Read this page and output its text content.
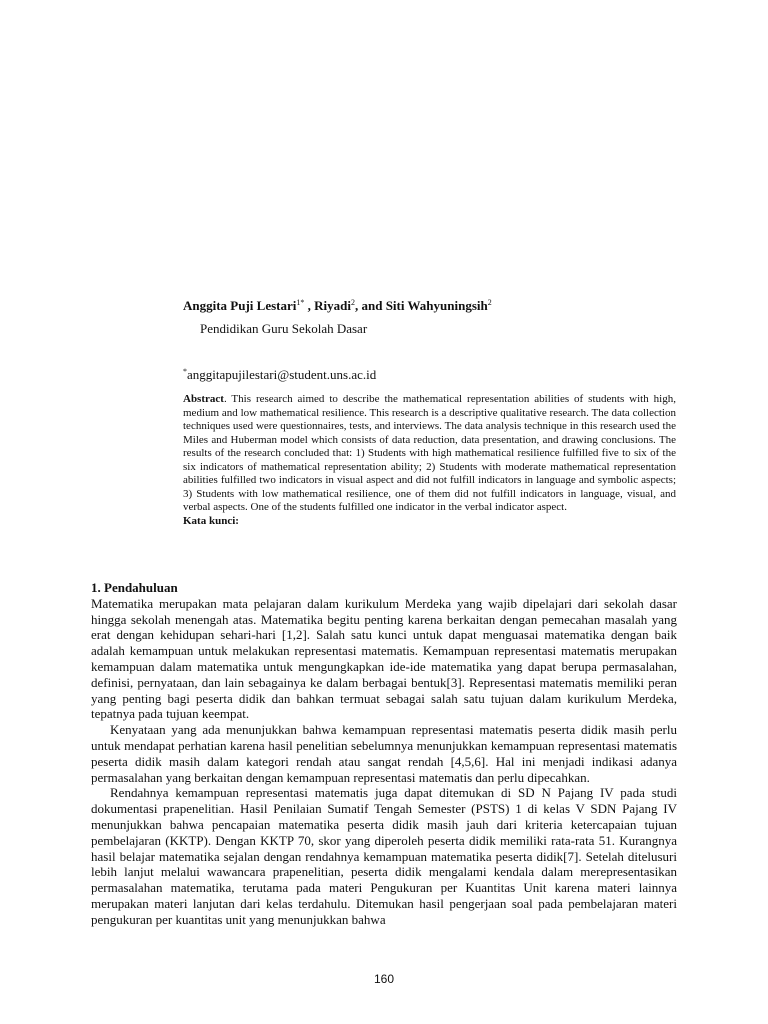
Anggita Puji Lestari$^{1*}$ , Riyadi$^2$, and Siti Wahyuningsih$^2$
Pendidikan Guru Sekolah Dasar
*anggitapujilestari@student.uns.ac.id
Abstract. This research aimed to describe the mathematical representation abilities of students with high, medium and low mathematical resilience. This research is a descriptive qualitative research. The data collection techniques used were questionnaires, tests, and interviews. The data analysis technique in this research used the Miles and Huberman model which consists of data reduction, data presentation, and drawing conclusions. The results of the research concluded that: 1) Students with high mathematical resilience fulfilled five to six of the six indicators of mathematical representation ability; 2) Students with moderate mathematical representation abilities fulfilled two indicators in visual aspect and did not fulfill indicators in language and symbolic aspects; 3) Students with low mathematical resilience, one of them did not fulfill indicators in language, visual, and verbal aspects. One of the students fulfilled one indicator in the verbal indicator aspect.
Kata kunci:
1. Pendahuluan

Matematika merupakan mata pelajaran dalam kurikulum Merdeka yang wajib dipelajari dari sekolah dasar hingga sekolah menengah atas. Matematika begitu penting karena berkaitan dengan pemecahan masalah yang erat dengan kehidupan sehari-hari [1,2]. Salah satu kunci untuk dapat menguasai matematika dengan baik adalah kemampuan untuk melakukan representasi matematis. Kemampuan representasi matematis merupakan kemampuan dalam matematika untuk mengungkapkan ide-ide matematika yang dapat berupa permasalahan, definisi, pernyataan, dan lain sebagainya ke dalam berbagai bentuk[3]. Representasi matematis memiliki peran yang penting bagi peserta didik dan bahkan termuat sebagai salah satu tujuan dalam kurikulum Merdeka, tepatnya pada tujuan keempat.

Kenyataan yang ada menunjukkan bahwa kemampuan representasi matematis peserta didik masih perlu untuk mendapat perhatian karena hasil penelitian sebelumnya menunjukkan kemampuan representasi matematis peserta didik masih dalam kategori rendah atau sangat rendah [4,5,6]. Hal ini menjadi indikasi adanya permasalahan yang berkaitan dengan kemampuan representasi matematis dan perlu dipecahkan.

Rendahnya kemampuan representasi matematis juga dapat ditemukan di SD N Pajang IV pada studi dokumentasi prapenelitian. Hasil Penilaian Sumatif Tengah Semester (PSTS) 1 di kelas V SDN Pajang IV menunjukkan bahwa pencapaian matematika peserta didik masih jauh dari kriteria ketercapaian tujuan pembelajaran (KKTP). Dengan KKTP 70, skor yang diperoleh peserta didik memiliki rata-rata 51. Kurangnya hasil belajar matematika sejalan dengan rendahnya kemampuan matematika peserta didik[7]. Setelah ditelusuri lebih lanjut melalui wawancara prapenelitian, peserta didik mengalami kendala dalam merepresentasikan permasalahan matematika, terutama pada materi Pengukuran per Kuantitas Unit karena materi lainnya merupakan materi lanjutan dari kelas terdahulu. Ditemukan hasil pengerjaan soal pada pembelajaran materi pengukuran per kuantitas unit yang menunjukkan bahwa

160
